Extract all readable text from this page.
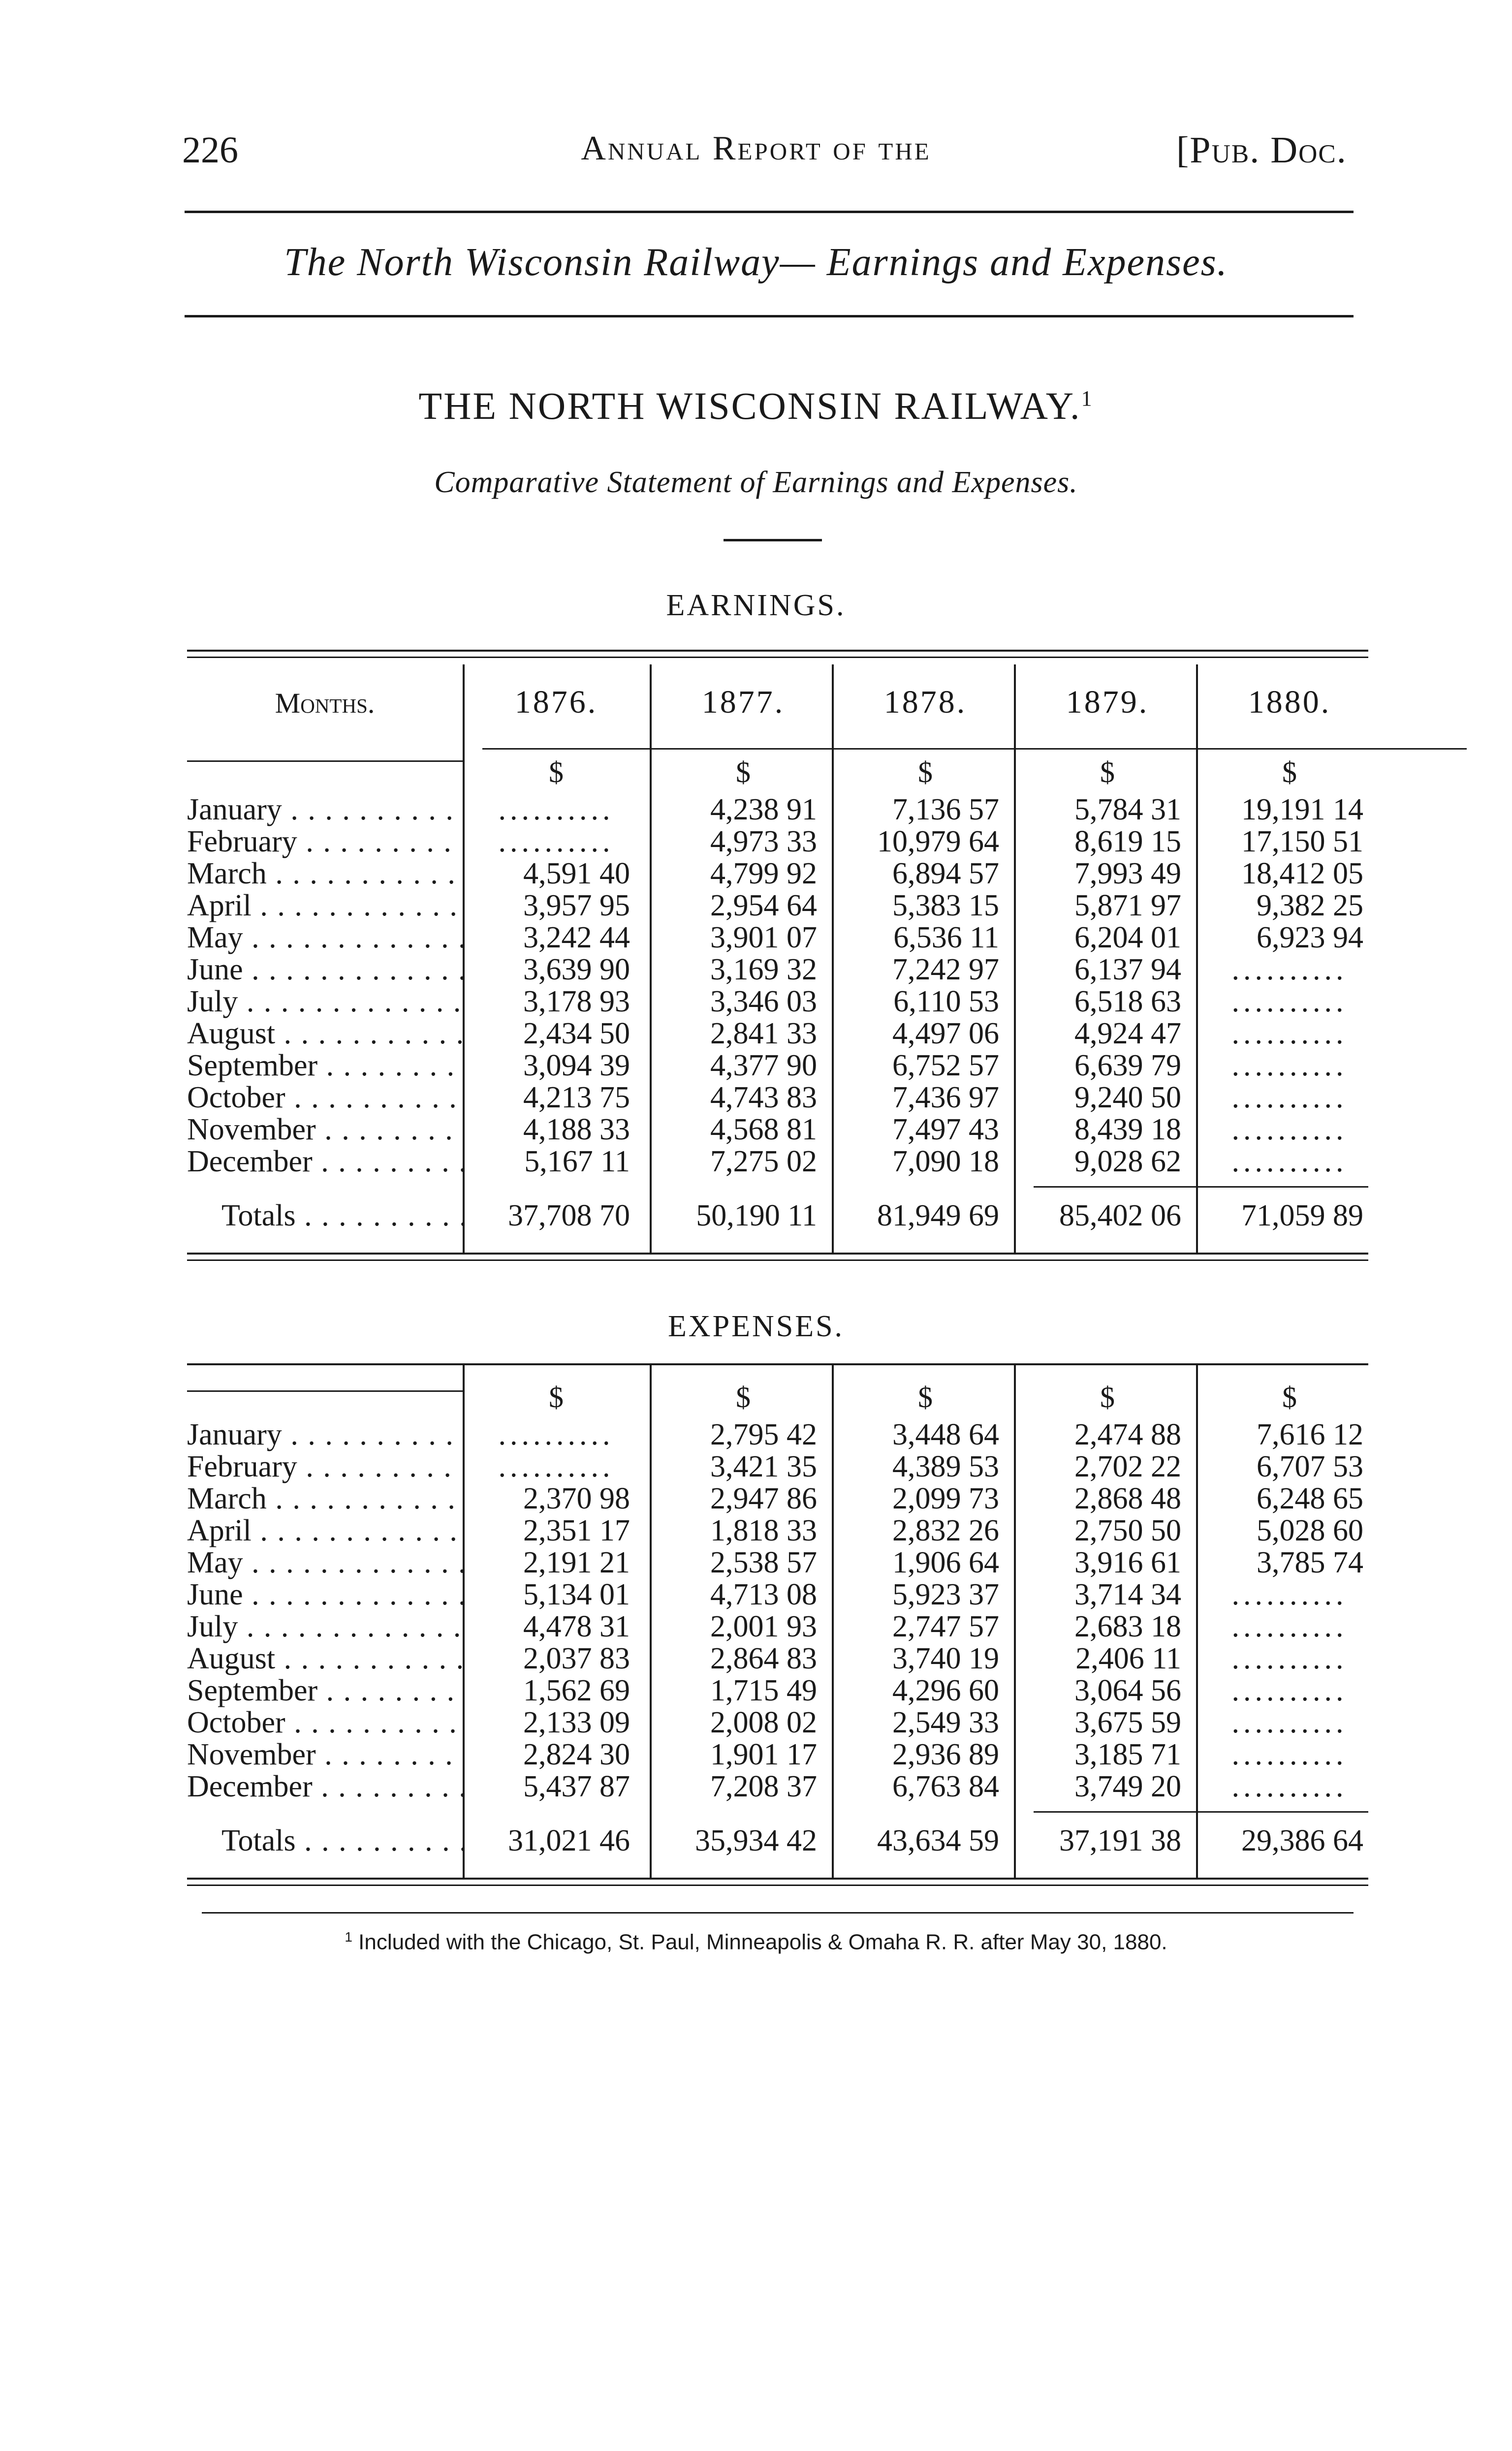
226	Annual Report of the	[Pub. Doc.
The North Wisconsin Railway— Earnings and Expenses.
THE NORTH WISCONSIN RAILWAY.$^1$
Comparative Statement of Earnings and Expenses.
EARNINGS.
Months.	1876.	1877.	1878.	1879.	1880.
$	$	$	$	$
January . . .	..........	4,238 91	7,136 57	5,784 31	19,191 14
February . . .	..........	4,973 33	10,979 64	8,619 15	17,150 51
March . . .	4,591 40	4,799 92	6,894 57	7,993 49	18,412 05
April . . .	3,957 95	2,954 64	5,383 15	5,871 97	9,382 25
May . . .	3,242 44	3,901 07	6,536 11	6,204 01	6,923 94
June . . .	3,639 90	3,169 32	7,242 97	6,137 94	..........
July . . .	3,178 93	3,346 03	6,110 53	6,518 63	..........
August . . .	2,434 50	2,841 33	4,497 06	4,924 47	..........
September . . .	3,094 39	4,377 90	6,752 57	6,639 79	..........
October . . .	4,213 75	4,743 83	7,436 97	9,240 50	..........
November . . .	4,188 33	4,568 81	7,497 43	8,439 18	..........
December . . .	5,167 11	7,275 02	7,090 18	9,028 62	..........
Totals . . .	37,708 70	50,190 11	81,949 69	85,402 06	71,059 89
$	$	$	$	$
January . . .	..........	2,795 42	3,448 64	2,474 88	7,616 12
February . . .	..........	3,421 35	4,389 53	2,702 22	6,707 53
March . . .	2,370 98	2,947 86	2,099 73	2,868 48	6,248 65
April . . .	2,351 17	1,818 33	2,832 26	2,750 50	5,028 60
May . . .	2,191 21	2,538 57	1,906 64	3,916 61	3,785 74
June . . .	5,134 01	4,713 08	5,923 37	3,714 34	..........
July . . .	4,478 31	2,001 93	2,747 57	2,683 18	..........
August . . .	2,037 83	2,864 83	3,740 19	2,406 11	..........
September . . .	1,562 69	1,715 49	4,296 60	3,064 56	..........
October . . .	2,133 09	2,008 02	2,549 33	3,675 59	..........
November . . .	2,824 30	1,901 17	2,936 89	3,185 71	..........
December . . .	5,437 87	7,208 37	6,763 84	3,749 20	..........
Totals . . .	31,021 46	35,934 42	43,634 59	37,191 38	29,386 64
EXPENSES.
$^1$ Included with the Chicago, St. Paul, Minneapolis & Omaha R. R. after May 30, 1880.
